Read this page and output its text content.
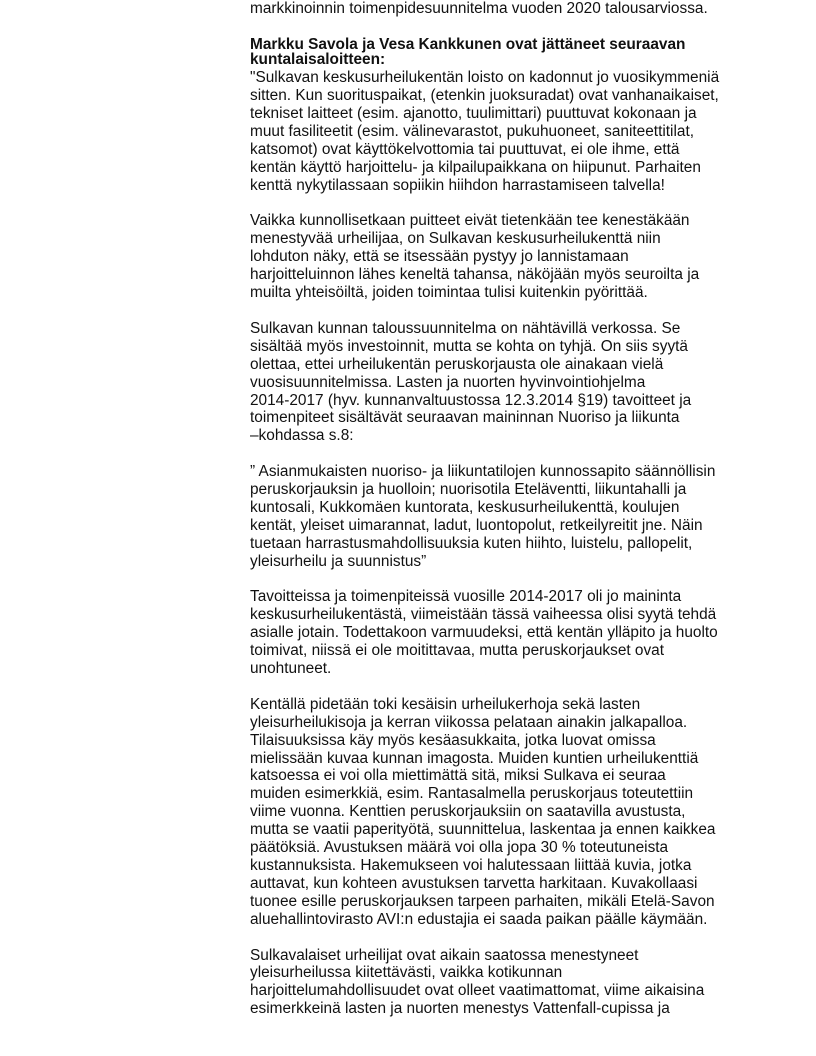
markkinoinnin toimenpidesuunnitelma vuoden 2020 talousarviossa.

Markku Savola ja Vesa Kankkunen ovat jättäneet seuraavan
kuntalaisaloitteen:

"Sulkavan keskusurheilukentän loisto on kadonnut jo vuosikymmeniä
sitten. Kun suorituspaikat, (etenkin juoksuradat) ovat vanhanaikaiset,
tekniset laitteet (esim. ajanotto, tuulimittari) puuttuvat kokonaan ja
muut fasiliteetit (esim. välinevarastot, pukuhuoneet, saniteettitilat,
katsomot) ovat käyttökelvottomia tai puuttuvat, ei ole ihme, että
kentän käyttö harjoittelu- ja kilpailupaikkana on hiipunut. Parhaiten
kenttä nykytilassaan sopiikin hiihdon harrastamiseen talvella!

Vaikka kunnollisetkaan puitteet eivät tietenkään tee kenestäkään
menestyvää urheilijaa, on Sulkavan keskusurheilukenttä niin
lohduton näky, että se itsessään pystyy jo lannistamaan
harjoitteluinnon lähes keneltä tahansa, näköjään myös seuroilta ja
muilta yhteisöiltä, joiden toimintaa tulisi kuitenkin pyörittää.

Sulkavan kunnan taloussuunnitelma on nähtävillä verkossa. Se
sisältää myös investoinnit, mutta se kohta on tyhjä. On siis syytä
olettaa, ettei urheilukentän peruskorjausta ole ainakaan vielä
vuosisuunnitelmissa. Lasten ja nuorten hyvinvointiohjelma
2014-2017 (hyv. kunnanvaltuustossa 12.3.2014 §19) tavoitteet ja
toimenpiteet sisältävät seuraavan maininnan Nuoriso ja liikunta
–kohdassa s.8:

” Asianmukaisten nuoriso- ja liikuntatilojen kunnossapito säännöllisin
peruskorjauksin ja huolloin; nuorisotila Eteläventti, liikuntahalli ja
kuntosali, Kukkomäen kuntorata, keskusurheilukenttä, koulujen
kentät, yleiset uimarannat, ladut, luontopolut, retkeilyreitit jne. Näin
tuetaan harrastusmahdollisuuksia kuten hiihto, luistelu, pallopelit,
yleisurheilu ja suunnistus”

Tavoitteissa ja toimenpiteissä vuosille 2014-2017 oli jo maininta
keskusurheilukentästä, viimeistään tässä vaiheessa olisi syytä tehdä
asialle jotain. Todettakoon varmuudeksi, että kentän ylläpito ja huolto
toimivat, niissä ei ole moitittavaa, mutta peruskorjaukset ovat
unohtuneet.

Kentällä pidetään toki kesäisin urheilukerhoja sekä lasten
yleisurheilukisoja ja kerran viikossa pelataan ainakin jalkapalloa.
Tilaisuuksissa käy myös kesäasukkaita, jotka luovat omissa
mielissään kuvaa kunnan imagosta. Muiden kuntien urheilukenttiä
katsoessa ei voi olla miettimättä sitä, miksi Sulkava ei seuraa
muiden esimerkkiä, esim. Rantasalmella peruskorjaus toteutettiin
viime vuonna. Kenttien peruskorjauksiin on saatavilla avustusta,
mutta se vaatii paperityötä, suunnittelua, laskentaa ja ennen kaikkea
päätöksiä. Avustuksen määrä voi olla jopa 30 % toteutuneista
kustannuksista. Hakemukseen voi halutessaan liittää kuvia, jotka
auttavat, kun kohteen avustuksen tarvetta harkitaan. Kuvakollaasi
tuonee esille peruskorjauksen tarpeen parhaiten, mikäli Etelä-Savon
aluehallintovirasto AVI:n edustajia ei saada paikan päälle käymään.

Sulkavalaiset urheilijat ovat aikain saatossa menestyneet
yleisurheilussa kiitettävästi, vaikka kotikunnan
harjoittelumahdollisuudet ovat olleet vaatimattomat, viime aikaisina
esimerkkeinä lasten ja nuorten menestys Vattenfall-cupissa ja
